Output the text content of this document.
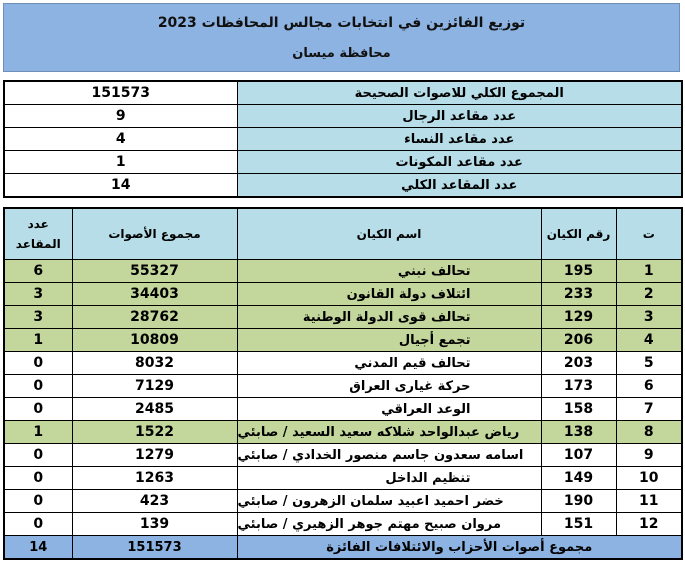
توزيع الفائزين في انتخابات مجالس المحافظات 2023
محافظة ميسان
151573	المجموع الكلي للاصوات الصحيحة
9	عدد مقاعد الرجال
4	عدد مقاعد النساء
1	عدد مقاعد المكونات
14	عدد المقاعد الكلي
عدد المقاعد	مجموع الأصوات	اسم الكيان	رقم الكيان	ت
6	55327	تحالف نبني	195	1
3	34403	ائتلاف دولة القانون	233	2
3	28762	تحالف قوى الدولة الوطنية	129	3
1	10809	تجمع أجيال	206	4
0	8032	تحالف قيم المدني	203	5
0	7129	حركة غيارى العراق	173	6
0	2485	الوعد العراقي	158	7
1	1522	رياض عبدالواحد شلاكه سعيد السعيد / صابئي	138	8
0	1279	اسامه سعدون جاسم منصور الخدادي / صابئي	107	9
0	1263	تنظيم الداخل	149	10
0	423	خضر احميد اعبيد سلمان الزهرون / صابئي	190	11
0	139	مروان صبيح مهتم جوهر الزهيري / صابئي	151	12
14	151573	مجموع أصوات الأحزاب والائتلافات الفائزة		
